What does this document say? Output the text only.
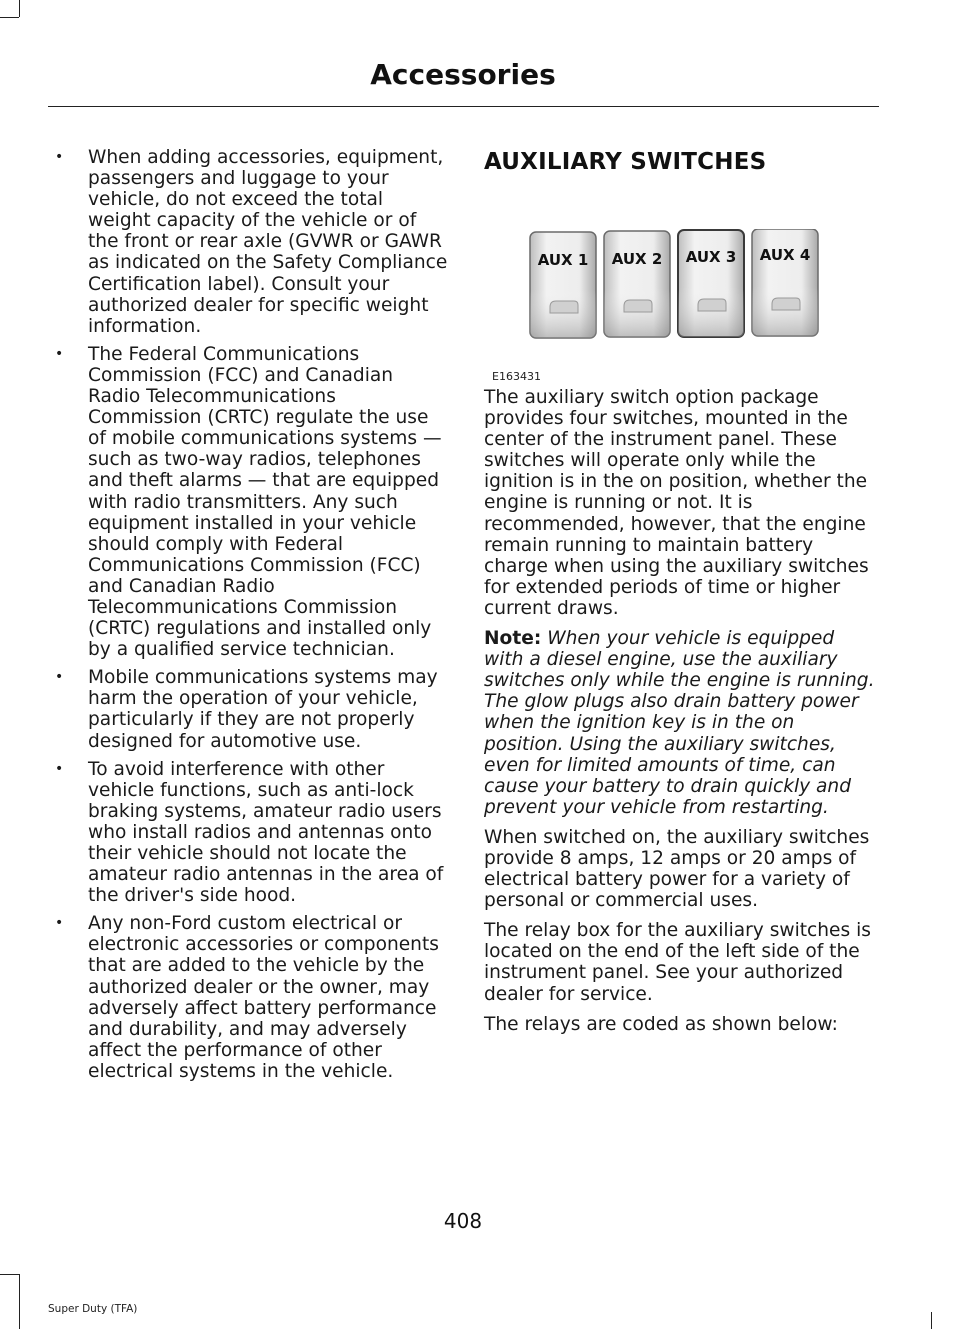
Accessories
• When adding accessories, equipment, passengers and luggage to your vehicle, do not exceed the total weight capacity of the vehicle or of the front or rear axle (GVWR or GAWR as indicated on the Safety Compliance Certification label). Consult your authorized dealer for specific weight information.
• The Federal Communications Commission (FCC) and Canadian Radio Telecommunications Commission (CRTC) regulate the use of mobile communications systems — such as two-way radios, telephones and theft alarms — that are equipped with radio transmitters. Any such equipment installed in your vehicle should comply with Federal Communications Commission (FCC) and Canadian Radio Telecommunications Commission (CRTC) regulations and installed only by a qualified service technician.
• Mobile communications systems may harm the operation of your vehicle, particularly if they are not properly designed for automotive use.
• To avoid interference with other vehicle functions, such as anti-lock braking systems, amateur radio users who install radios and antennas onto their vehicle should not locate the amateur radio antennas in the area of the driver's side hood.
• Any non-Ford custom electrical or electronic accessories or components that are added to the vehicle by the authorized dealer or the owner, may adversely affect battery performance and durability, and may adversely affect the performance of other electrical systems in the vehicle.
AUXILIARY SWITCHES
AUX 1 AUX 2 AUX 3 AUX 4
E163431

The auxiliary switch option package provides four switches, mounted in the center of the instrument panel. These switches will operate only while the ignition is in the on position, whether the engine is running or not. It is recommended, however, that the engine remain running to maintain battery charge when using the auxiliary switches for extended periods of time or higher current draws.

Note: When your vehicle is equipped with a diesel engine, use the auxiliary switches only while the engine is running. The glow plugs also drain battery power when the ignition key is in the on position. Using the auxiliary switches, even for limited amounts of time, can cause your battery to drain quickly and prevent your vehicle from restarting.

When switched on, the auxiliary switches provide 8 amps, 12 amps or 20 amps of electrical battery power for a variety of personal or commercial uses.

The relay box for the auxiliary switches is located on the end of the left side of the instrument panel. See your authorized dealer for service.

The relays are coded as shown below:

408
Super Duty (TFA)
